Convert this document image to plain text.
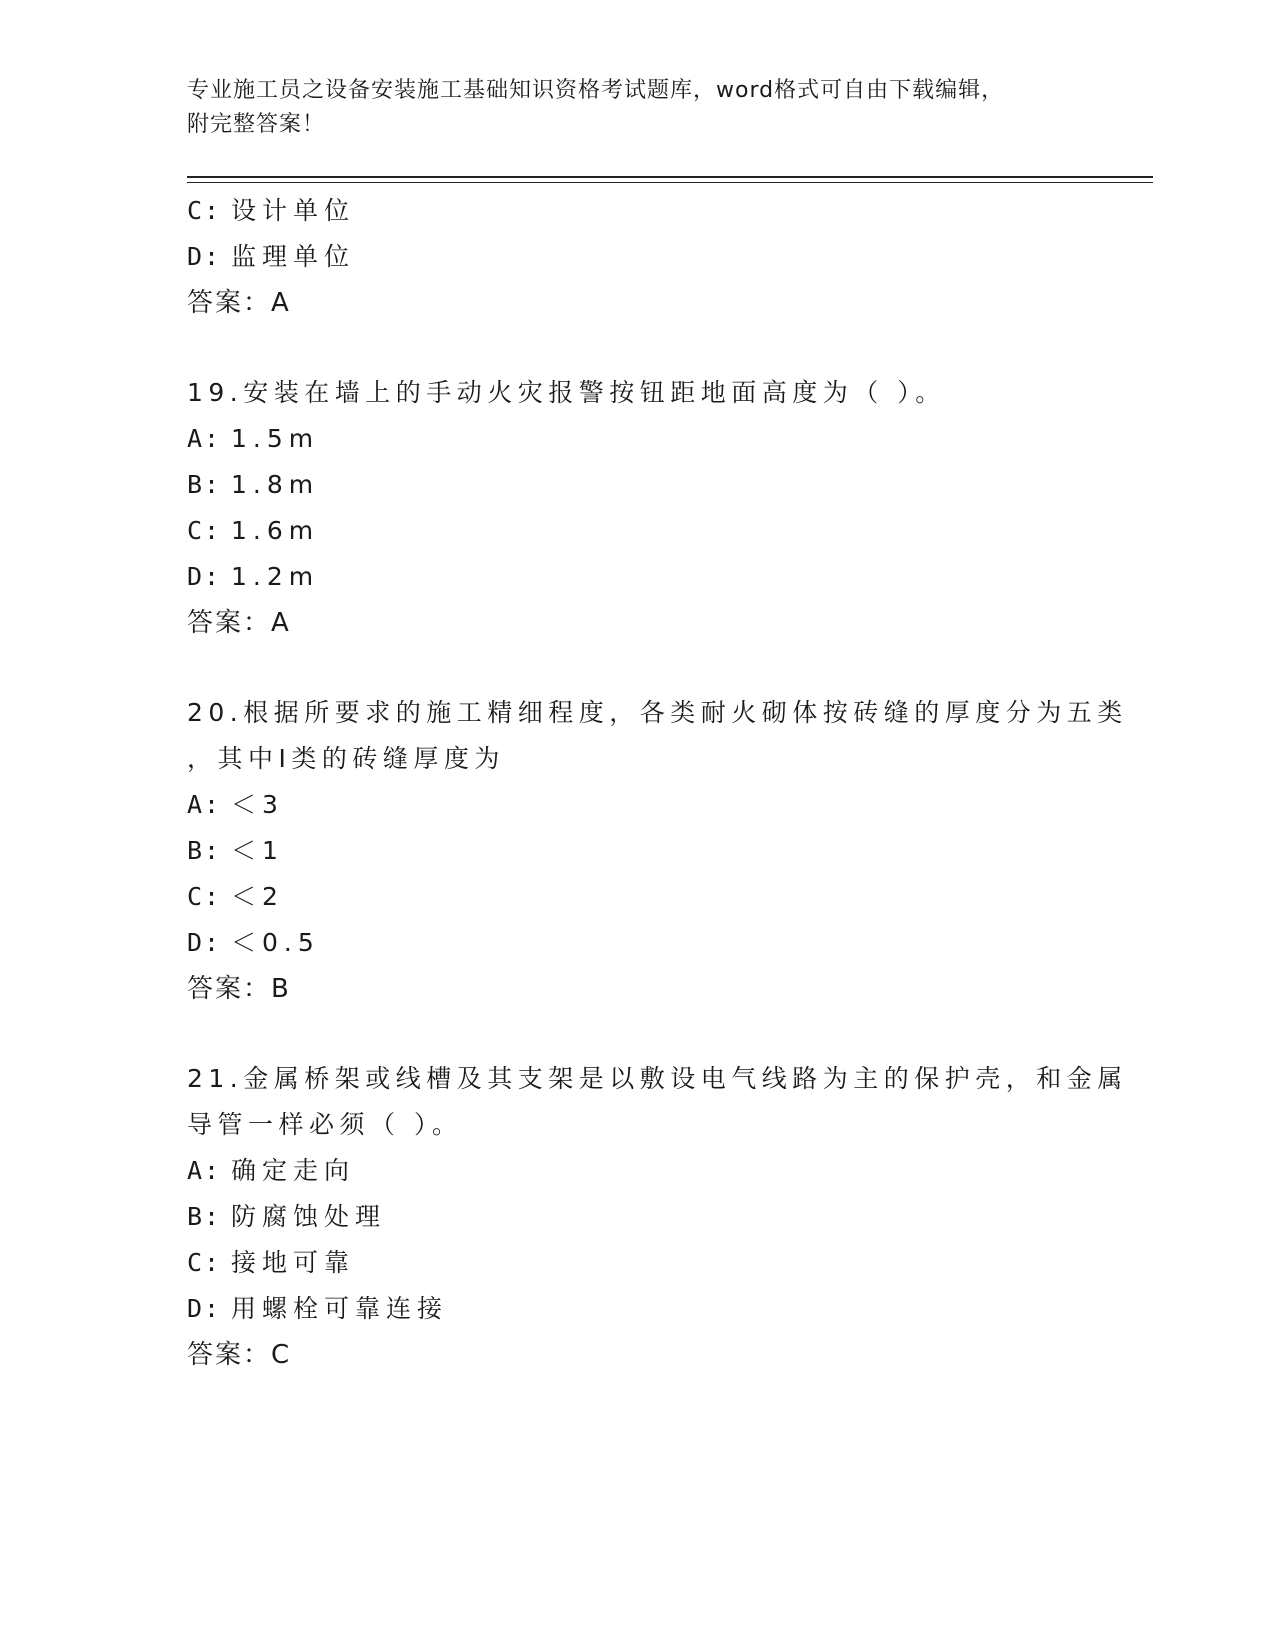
专业施工员之设备安装施工基础知识资格考试题库，word格式可自由下载编辑，
附完整答案！
C: 设计单位
D: 监理单位
答案：A
19.安装在墙上的手动火灾报警按钮距地面高度为（ ）。
A: 1.5m
B: 1.8m
C: 1.6m
D: 1.2m
答案：A
20.根据所要求的施工精细程度，各类耐火砌体按砖缝的厚度分为五类
，其中Ⅰ类的砖缝厚度为
A: ＜3
B: ＜1
C: ＜2
D: ＜0.5
答案：B
21.金属桥架或线槽及其支架是以敷设电气线路为主的保护壳，和金属
导管一样必须（ ）。
A: 确定走向
B: 防腐蚀处理
C: 接地可靠
D: 用螺栓可靠连接
答案：C
